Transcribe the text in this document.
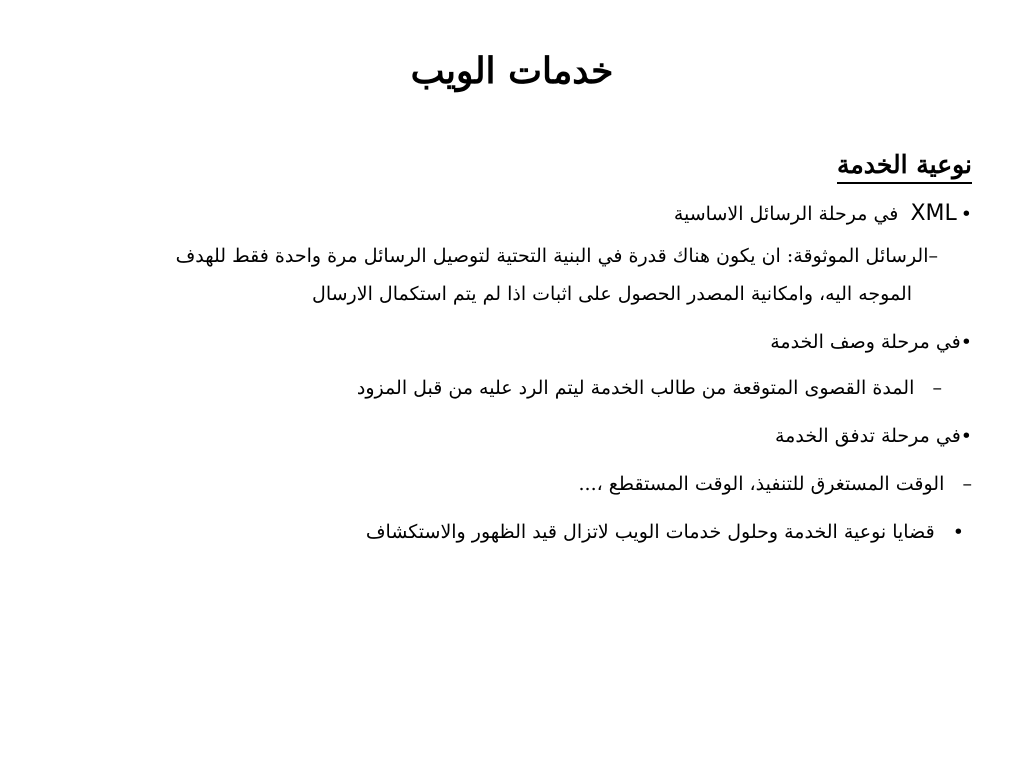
خدمات الويب
نوعية الخدمة

•XML  في مرحلة الرسائل الاساسية

–الرسائل الموثوقة: ان يكون هناك قدرة في البنية التحتية لتوصيل الرسائل مرة واحدة فقط للهدف

الموجه اليه، وامكانية المصدر الحصول على اثبات اذا لم يتم استكمال الارسال

•في مرحلة وصف الخدمة

–   المدة القصوى المتوقعة من طالب الخدمة ليتم الرد عليه من قبل المزود

•في مرحلة تدفق الخدمة

–   الوقت المستغرق للتنفيذ، الوقت المستقطع ،...

•   قضايا نوعية الخدمة وحلول خدمات الويب لاتزال قيد الظهور والاستكشاف
